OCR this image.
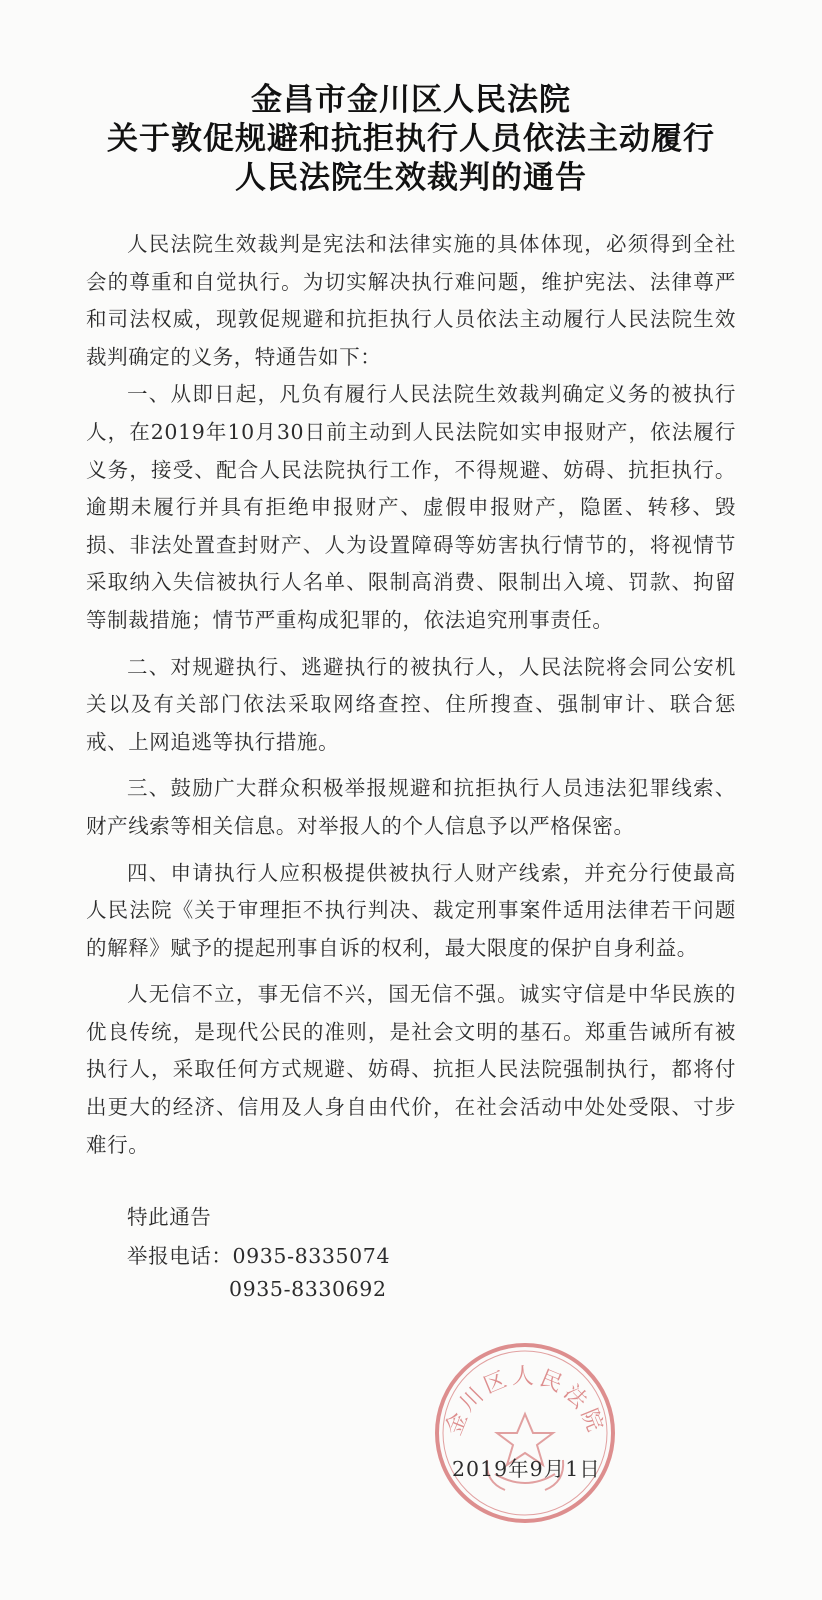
金昌市金川区人民法院
关于敦促规避和抗拒执行人员依法主动履行
人民法院生效裁判的通告

人民法院生效裁判是宪法和法律实施的具体体现，必须得到全社会的尊重和自觉执行。为切实解决执行难问题，维护宪法、法律尊严和司法权威，现敦促规避和抗拒执行人员依法主动履行人民法院生效裁判确定的义务，特通告如下：

一、从即日起，凡负有履行人民法院生效裁判确定义务的被执行人，在2019年10月30日前主动到人民法院如实申报财产，依法履行义务，接受、配合人民法院执行工作，不得规避、妨碍、抗拒执行。逾期未履行并具有拒绝申报财产、虚假申报财产，隐匿、转移、毁损、非法处置查封财产、人为设置障碍等妨害执行情节的，将视情节采取纳入失信被执行人名单、限制高消费、限制出入境、罚款、拘留等制裁措施；情节严重构成犯罪的，依法追究刑事责任。

二、对规避执行、逃避执行的被执行人，人民法院将会同公安机关以及有关部门依法采取网络查控、住所搜查、强制审计、联合惩戒、上网追逃等执行措施。

三、鼓励广大群众积极举报规避和抗拒执行人员违法犯罪线索、财产线索等相关信息。对举报人的个人信息予以严格保密。

四、申请执行人应积极提供被执行人财产线索，并充分行使最高人民法院《关于审理拒不执行判决、裁定刑事案件适用法律若干问题的解释》赋予的提起刑事自诉的权利，最大限度的保护自身利益。

人无信不立，事无信不兴，国无信不强。诚实守信是中华民族的优良传统，是现代公民的准则，是社会文明的基石。郑重告诫所有被执行人，采取任何方式规避、妨碍、抗拒人民法院强制执行，都将付出更大的经济、信用及人身自由代价，在社会活动中处处受限、寸步难行。

特此通告
举报电话：0935-8335074
0935-8330692
金川区人民法院
2019年9月1日
